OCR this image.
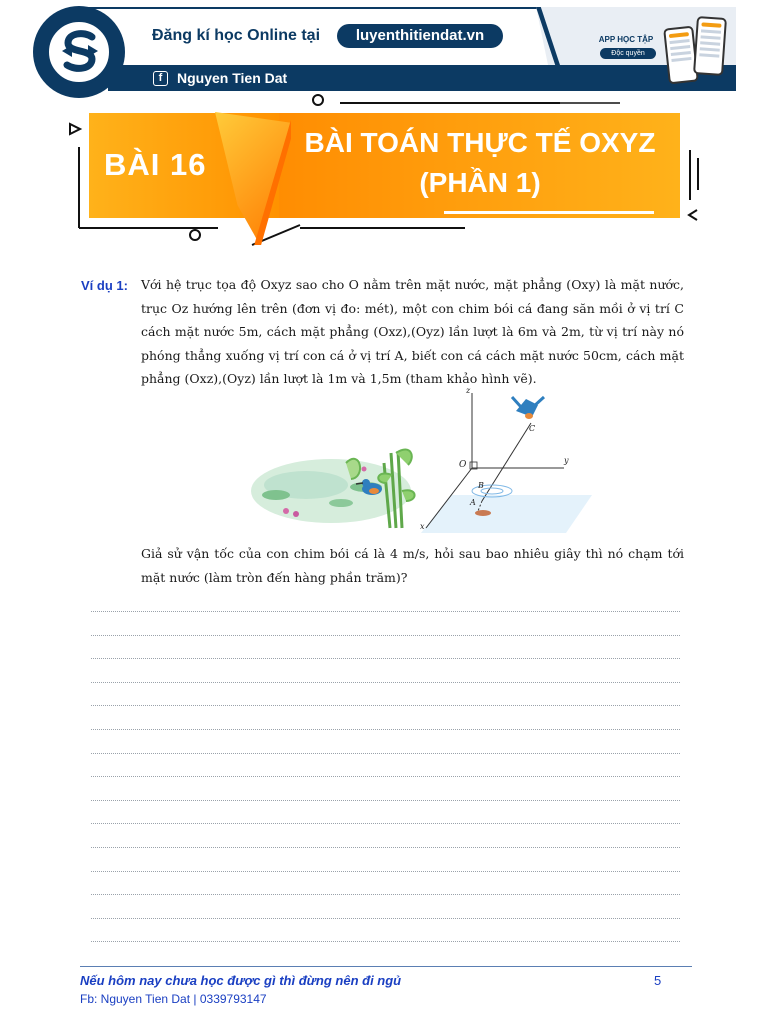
Đăng kí học Online tại	luyenthitiendat.vn
f	Nguyen Tien Dat
APP HỌC TẬP
Độc quyền
BÀI 16
BÀI TOÁN THỰC TẾ OXYZ
(PHẦN 1)
Ví dụ 1: Với hệ trục tọa độ Oxyz sao cho O nằm trên mặt nước, mặt phẳng (Oxy) là mặt nước, trục Oz hướng lên trên (đơn vị đo: mét), một con chim bói cá đang săn mồi ở vị trí C cách mặt nước 5m, cách mặt phẳng (Oxz),(Oyz) lần lượt là 6m và 2m, từ vị trí này nó phóng thẳng xuống vị trí con cá ở vị trí A, biết con cá cách mặt nước 50cm, cách mặt phẳng (Oxz),(Oyz) lần lượt là 1m và 1,5m (tham khảo hình vẽ).
z
y
x
O
C
B
A
Giả sử vận tốc của con chim bói cá là 4 m/s, hỏi sau bao nhiêu giây thì nó chạm tới mặt nước (làm tròn đến hàng phần trăm)?
Nếu hôm nay chưa học được gì thì đừng nên đi ngủ	5
Fb: Nguyen Tien Dat | 0339793147
